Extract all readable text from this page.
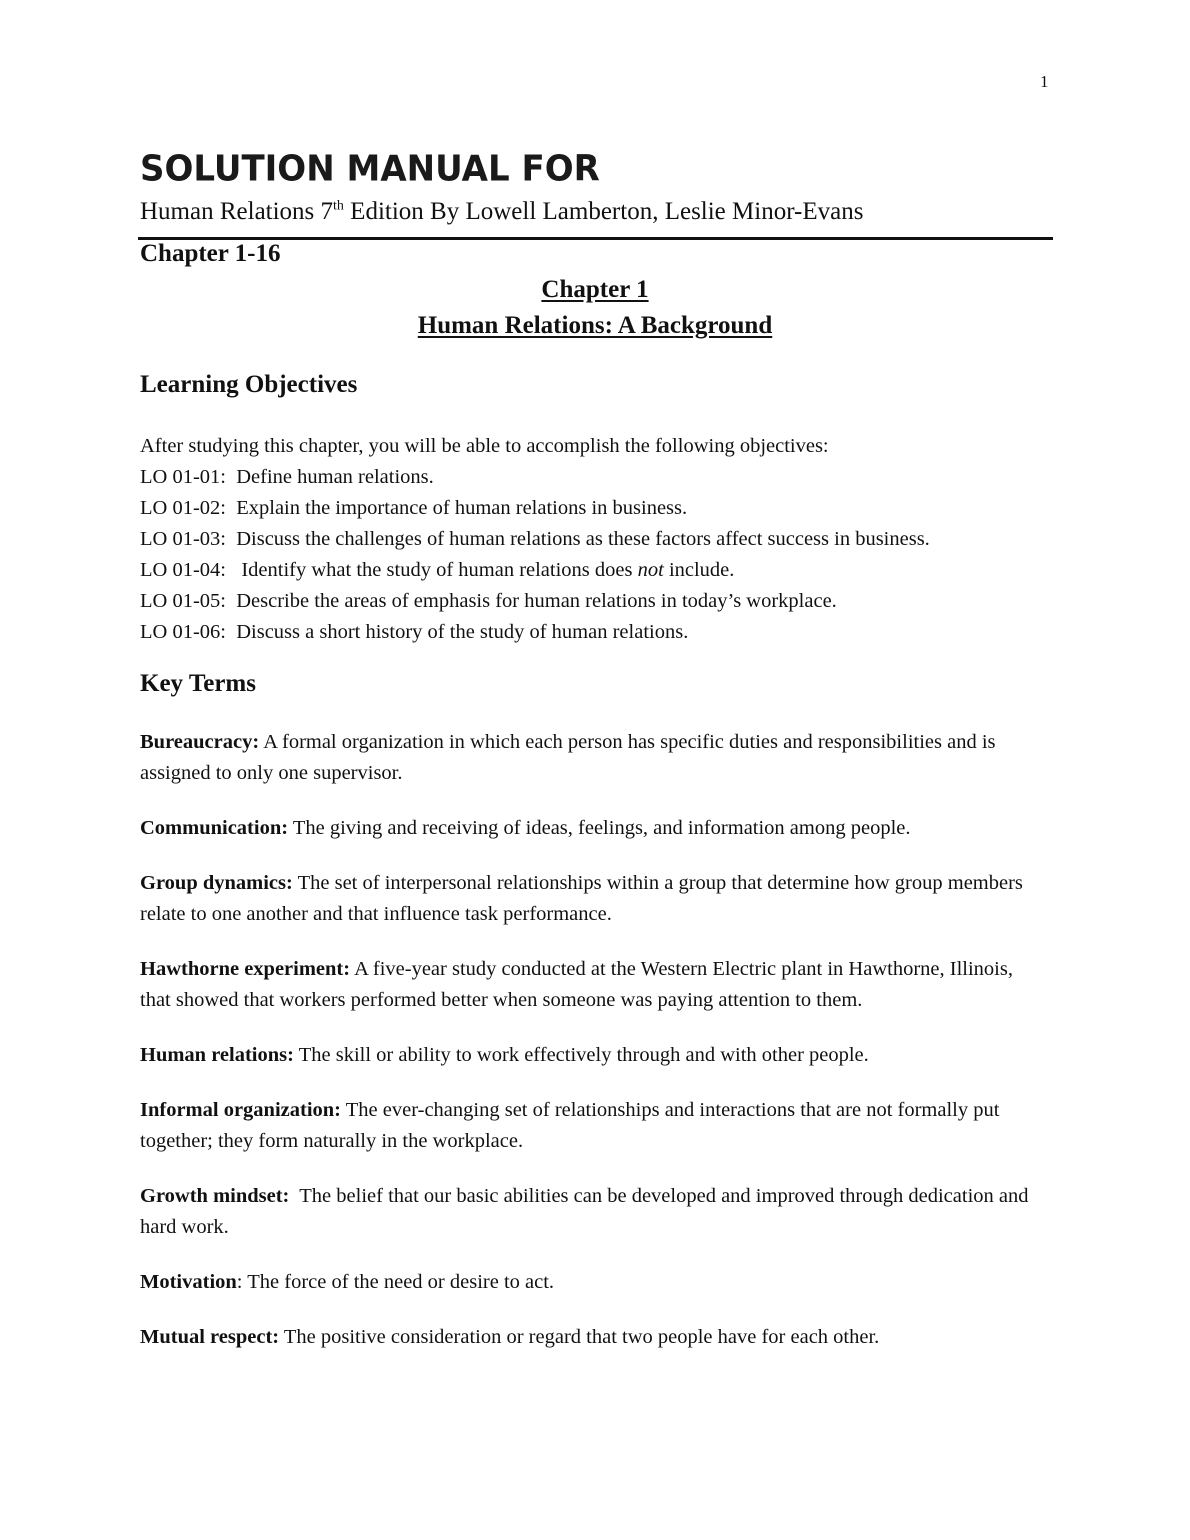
1
SOLUTION MANUAL FOR
Human Relations 7th Edition By Lowell Lamberton, Leslie Minor-Evans
Chapter 1-16
Chapter 1
Human Relations: A Background
Learning Objectives
After studying this chapter, you will be able to accomplish the following objectives:
LO 01-01: Define human relations.
LO 01-02: Explain the importance of human relations in business.
LO 01-03: Discuss the challenges of human relations as these factors affect success in business.
LO 01-04: Identify what the study of human relations does not include.
LO 01-05: Describe the areas of emphasis for human relations in today’s workplace.
LO 01-06: Discuss a short history of the study of human relations.
Key Terms

Bureaucracy: A formal organization in which each person has specific duties and responsibilities and is assigned to only one supervisor.

Communication: The giving and receiving of ideas, feelings, and information among people.

Group dynamics: The set of interpersonal relationships within a group that determine how group members relate to one another and that influence task performance.

Hawthorne experiment: A five-year study conducted at the Western Electric plant in Hawthorne, Illinois, that showed that workers performed better when someone was paying attention to them.

Human relations: The skill or ability to work effectively through and with other people.

Informal organization: The ever-changing set of relationships and interactions that are not formally put together; they form naturally in the workplace.

Growth mindset: The belief that our basic abilities can be developed and improved through dedication and hard work.

Motivation: The force of the need or desire to act.

Mutual respect: The positive consideration or regard that two people have for each other.
